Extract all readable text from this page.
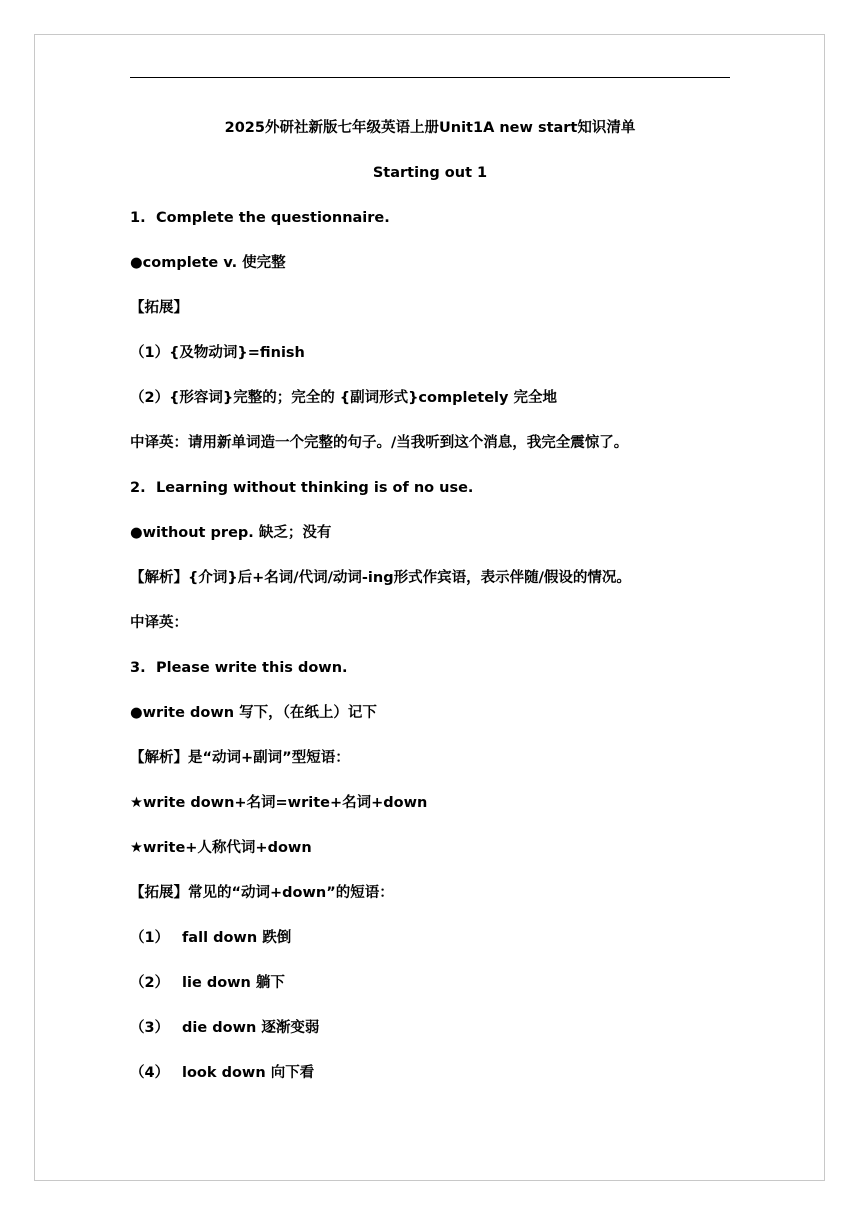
2025外研社新版七年级英语上册Unit1A new start知识清单
Starting out 1
1. Complete the questionnaire.
●complete v. 使完整
【拓展】
（1）{及物动词}=finish
（2）{形容词}完整的；完全的 {副词形式}completely 完全地
中译英：请用新单词造一个完整的句子。/当我听到这个消息，我完全震惊了。
2. Learning without thinking is of no use.
●without prep. 缺乏；没有
【解析】{介词}后+名词/代词/动词-ing形式作宾语，表示伴随/假设的情况。
中译英：
3. Please write this down.
●write down 写下，（在纸上）记下
【解析】是“动词+副词”型短语：
★write down+名词=write+名词+down
★write+人称代词+down
【拓展】常见的“动词+down”的短语：
（1） fall down 跌倒
（2） lie down 躺下
（3） die down 逐渐变弱
（4） look down 向下看
